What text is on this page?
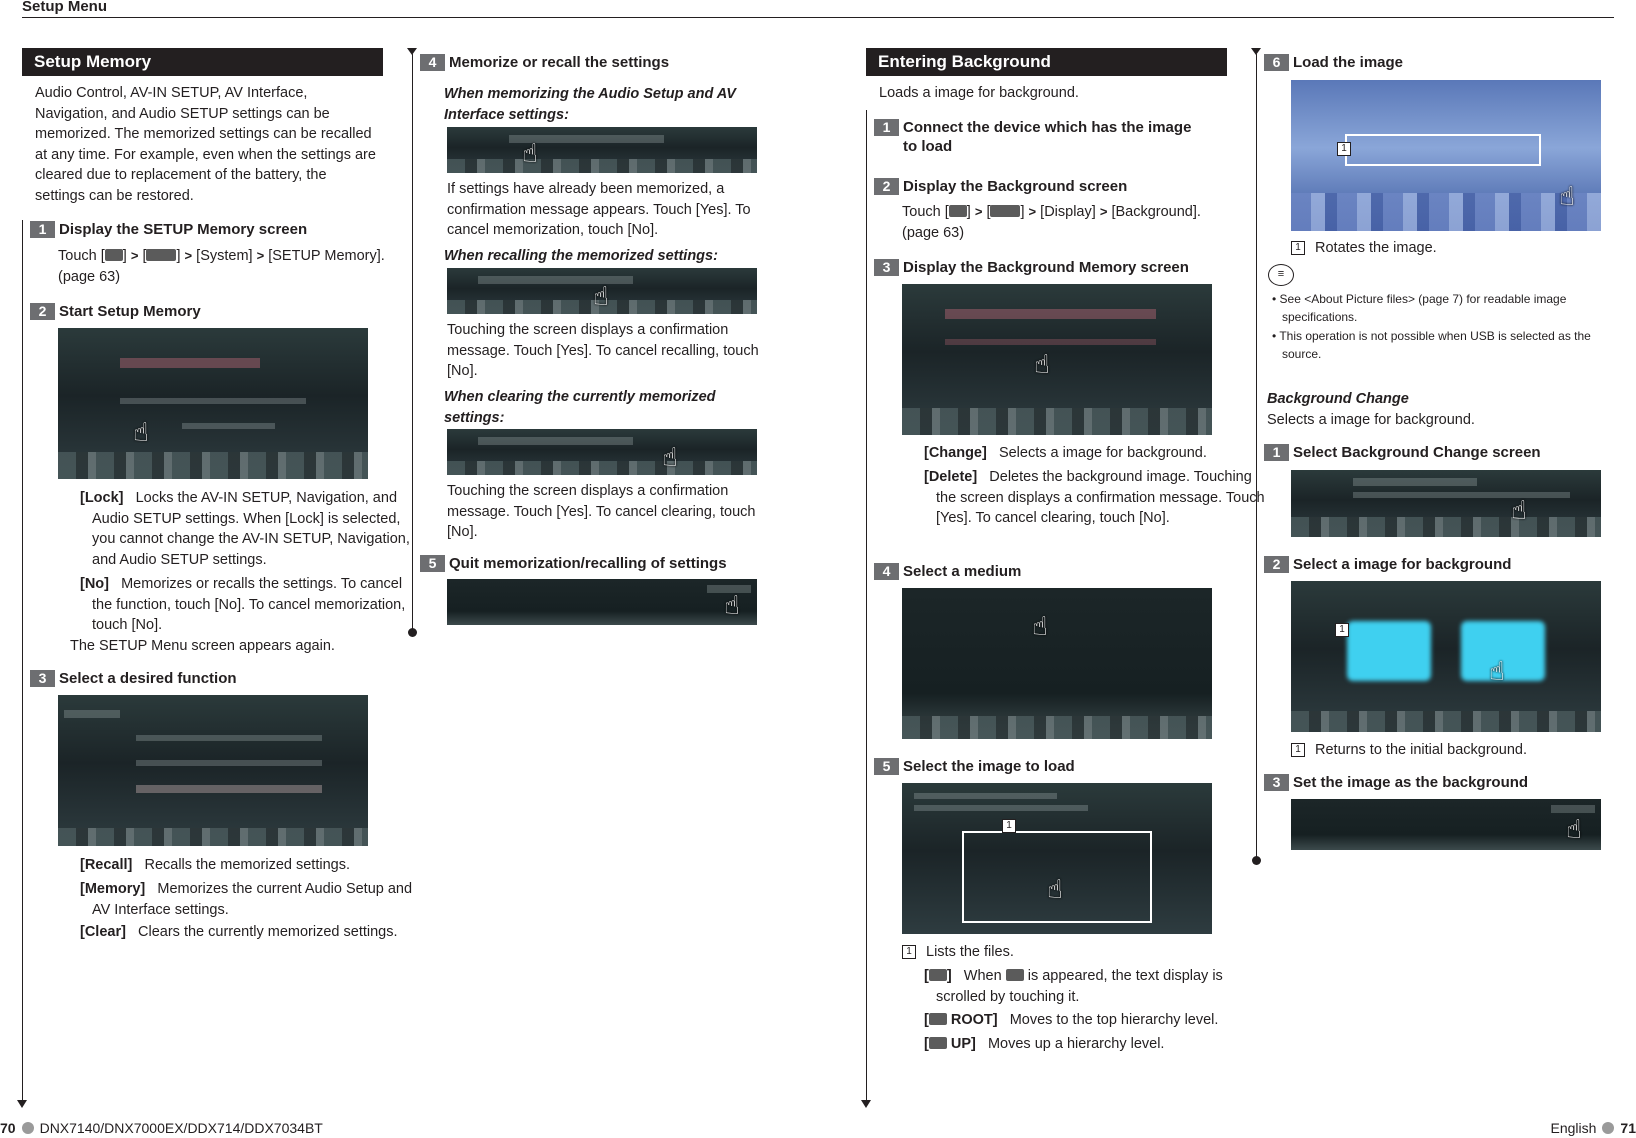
Setup Menu
Setup Memory
Audio Control, AV-IN SETUP, AV Interface, Navigation, and Audio SETUP settings can be memorized. The memorized settings can be recalled at any time. For example, even when the settings are cleared due to replacement of the battery, the settings can be restored.
1 Display the SETUP Memory screen
Touch [ ] > [ ] > [System] > [SETUP Memory]. (page 63)
2 Start Setup Memory
☝
[Lock] Locks the AV-IN SETUP, Navigation, and Audio SETUP settings. When [Lock] is selected, you cannot change the AV-IN SETUP, Navigation, and Audio SETUP settings.
[No] Memorizes or recalls the settings. To cancel the function, touch [No]. To cancel memorization, touch [No].
The SETUP Menu screen appears again.
3 Select a desired function
[Recall] Recalls the memorized settings.
[Memory] Memorizes the current Audio Setup and AV Interface settings.
[Clear] Clears the currently memorized settings.
4 Memorize or recall the settings
When memorizing the Audio Setup and AV Interface settings:
☝
If settings have already been memorized, a confirmation message appears. Touch [Yes]. To cancel memorization, touch [No].
When recalling the memorized settings:
☝
Touching the screen displays a confirmation message. Touch [Yes]. To cancel recalling, touch [No].
When clearing the currently memorized settings:
☝
Touching the screen displays a confirmation message. Touch [Yes]. To cancel clearing, touch [No].
5 Quit memorization/recalling of settings
☝
Entering Background
Loads a image for background.
1 Connect the device which has the image to load
2 Display the Background screen
Touch [ ] > [ ] > [Display] > [Background]. (page 63)
3 Display the Background Memory screen
☝
[Change] Selects a image for background.
[Delete] Deletes the background image. Touching the screen displays a confirmation message. Touch [Yes]. To cancel clearing, touch [No].
4 Select a medium
☝
5 Select the image to load
1
☝
1 Lists the files.
[ ] When is appeared, the text display is scrolled by touching it.
[ ROOT] Moves to the top hierarchy level.
[ UP] Moves up a hierarchy level.
6 Load the image
1
☝
1 Rotates the image.
≡
• See <About Picture files> (page 7) for readable image specifications.
• This operation is not possible when USB is selected as the source.
Background Change
Selects a image for background.
1 Select Background Change screen
☝
2 Select a image for background
1
☝
1 Returns to the initial background.
3 Set the image as the background
☝
70 DNX7140/DNX7000EX/DDX714/DDX7034BT	English 71
